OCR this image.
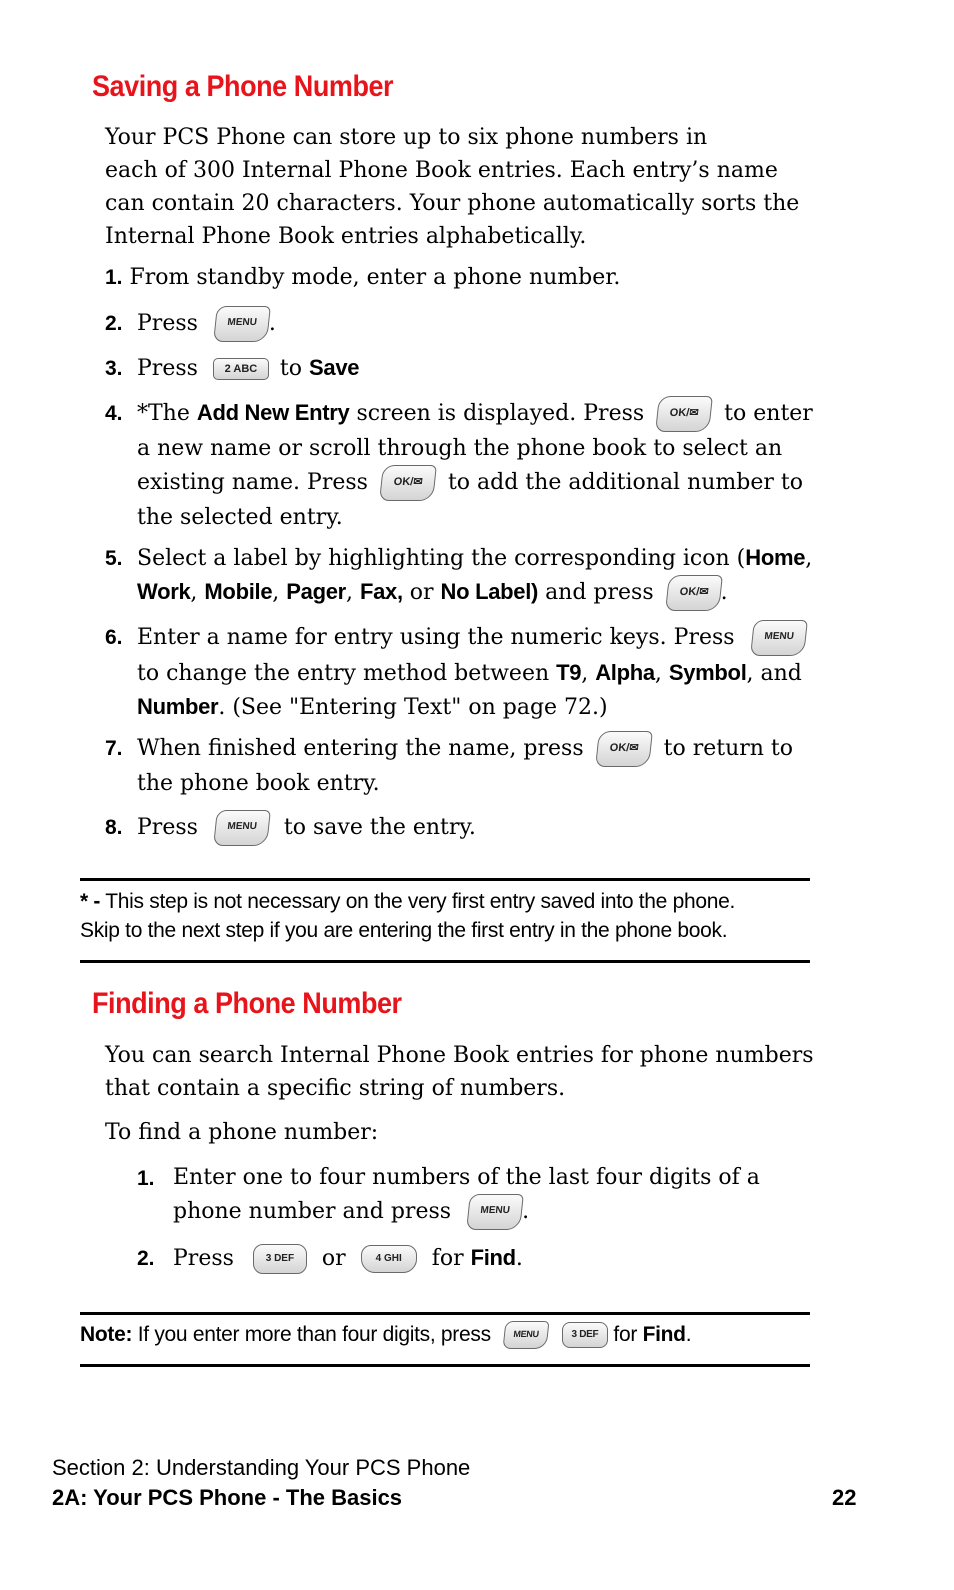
Saving a Phone Number
Your PCS Phone can store up to six phone numbers in
each of 300 Internal Phone Book entries. Each entry’s name
can contain 20 characters. Your phone automatically sorts the
Internal Phone Book entries alphabetically.
1. From standby mode, enter a phone number.
2. Press	MENU .
3. Press 2 ABC to Save
4. *The Add New Entry screen is displayed. Press OK/✉ to enter
a new name or scroll through the phone book to select an
existing name. Press OK/✉ to add the additional number to
the selected entry.
5. Select a label by highlighting the corresponding icon (Home,
Work, Mobile, Pager, Fax, or No Label) and press OK/✉ .
6. Enter a name for entry using the numeric keys. Press	MENU
to change the entry method between T9, Alpha, Symbol, and
Number. (See "Entering Text" on page 72.)
7. When finished entering the name, press OK/✉ to return to
the phone book entry.
8. Press	MENU to save the entry.
* - This step is not necessary on the very first entry saved into the phone.
Skip to the next step if you are entering the first entry in the phone book.
Finding a Phone Number
You can search Internal Phone Book entries for phone numbers
that contain a specific string of numbers.
To find a phone number:
1. Enter one to four numbers of the last four digits of a
phone number and press	MENU .
2. Press	3 DEF or	4 GHI for Find.
Note: If you enter more than four digits, press MENU	3 DEF for Find.
Section 2: Understanding Your PCS Phone
2A: Your PCS Phone - The Basics	22
